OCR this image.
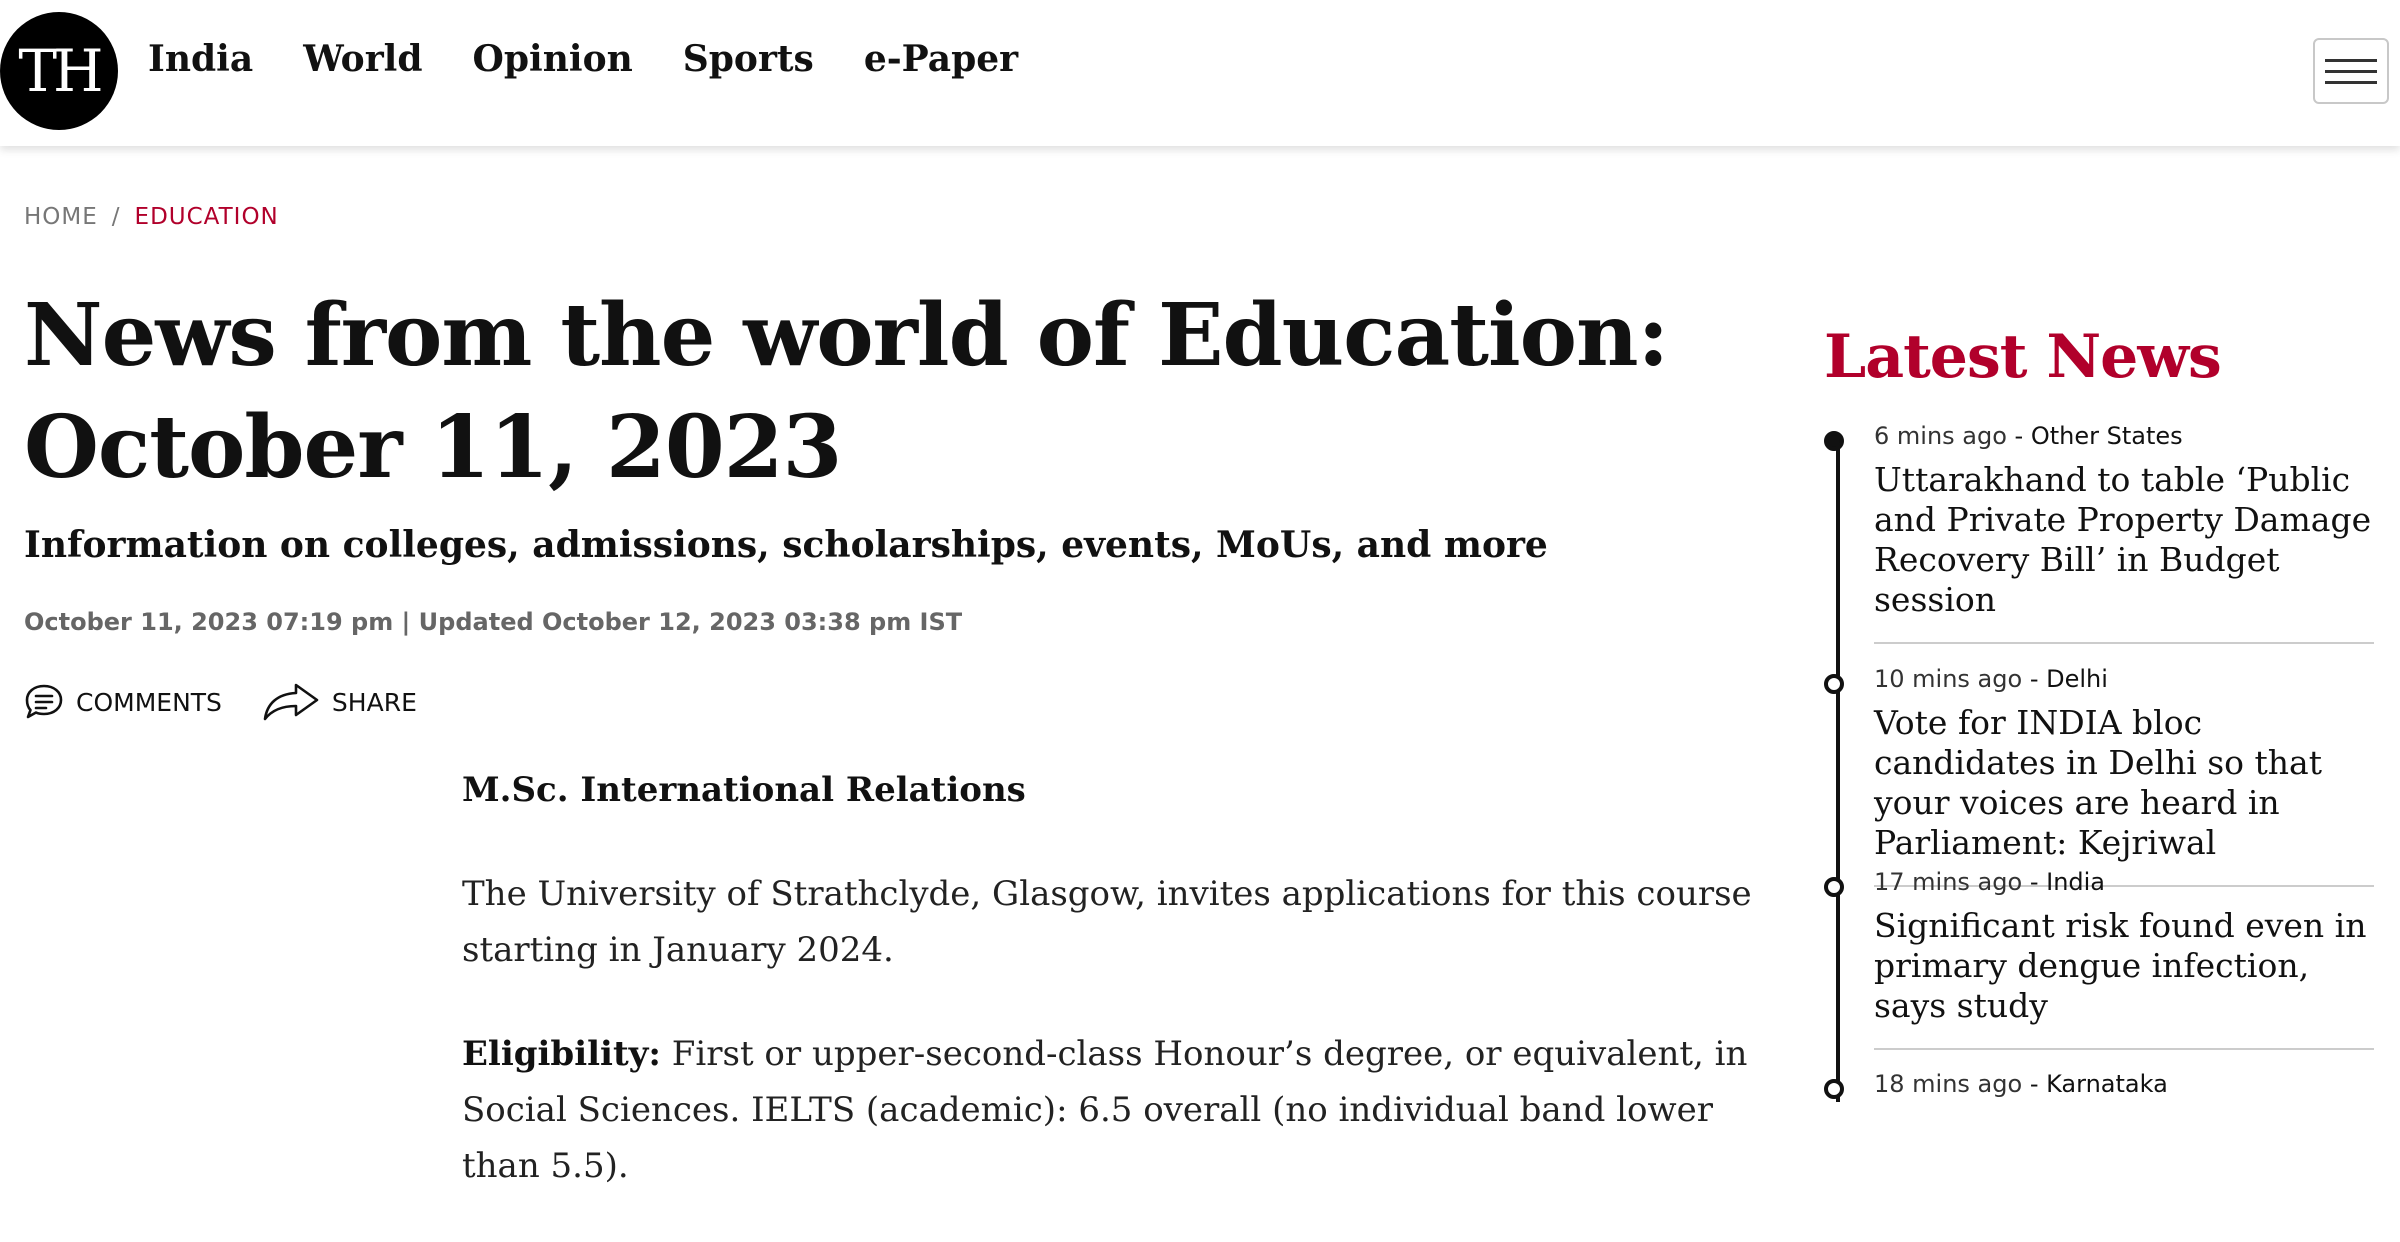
TH India World Opinion Sports e-Paper
HOME / EDUCATION
News from the world of Education: October 11, 2023
Information on colleges, admissions, scholarships, events, MoUs, and more
October 11, 2023 07:19 pm | Updated October 12, 2023 03:38 pm IST
COMMENTS	SHARE

M.Sc. International Relations

The University of Strathclyde, Glasgow, invites applications for this course starting in January 2024.

Eligibility: First or upper-second-class Honour’s degree, or equivalent, in Social Sciences. IELTS (academic): 6.5 overall (no individual band lower than 5.5).

Latest News
6 mins ago - Other States
Uttarakhand to table ‘Public and Private Property Damage Recovery Bill’ in Budget session
10 mins ago - Delhi
Vote for INDIA bloc candidates in Delhi so that your voices are heard in Parliament: Kejriwal
17 mins ago - India
Significant risk found even in primary dengue infection, says study
18 mins ago - Karnataka
